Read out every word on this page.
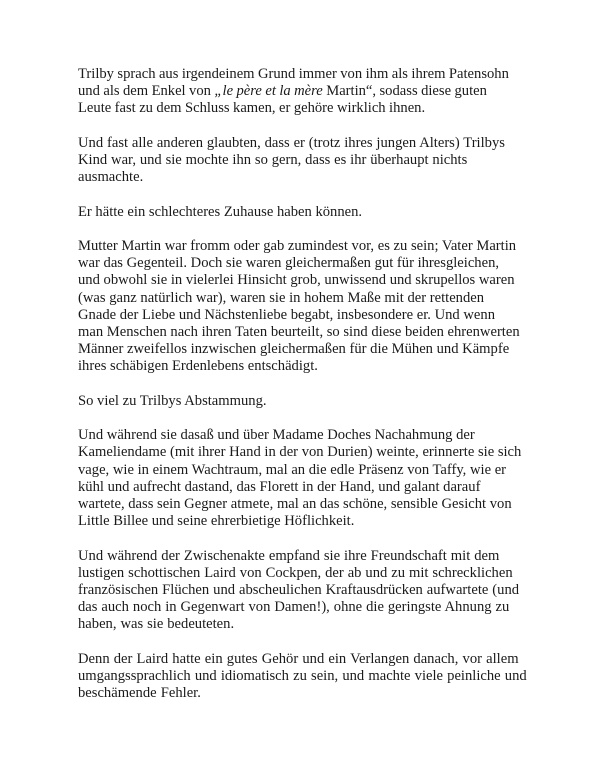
Trilby sprach aus irgendeinem Grund immer von ihm als ihrem Patensohn
und als dem Enkel von „le père et la mère Martin“, sodass diese guten
Leute fast zu dem Schluss kamen, er gehöre wirklich ihnen.

Und fast alle anderen glaubten, dass er (trotz ihres jungen Alters) Trilbys
Kind war, und sie mochte ihn so gern, dass es ihr überhaupt nichts
ausmachte.

Er hätte ein schlechteres Zuhause haben können.

Mutter Martin war fromm oder gab zumindest vor, es zu sein; Vater Martin
war das Gegenteil. Doch sie waren gleichermaßen gut für ihresgleichen,
und obwohl sie in vielerlei Hinsicht grob, unwissend und skrupellos waren
(was ganz natürlich war), waren sie in hohem Maße mit der rettenden
Gnade der Liebe und Nächstenliebe begabt, insbesondere er. Und wenn
man Menschen nach ihren Taten beurteilt, so sind diese beiden ehrenwerten
Männer zweifellos inzwischen gleichermaßen für die Mühen und Kämpfe
ihres schäbigen Erdenlebens entschädigt.

So viel zu Trilbys Abstammung.

Und während sie dasaß und über Madame Doches Nachahmung der
Kameliendame (mit ihrer Hand in der von Durien) weinte, erinnerte sie sich
vage, wie in einem Wachtraum, mal an die edle Präsenz von Taffy, wie er
kühl und aufrecht dastand, das Florett in der Hand, und galant darauf
wartete, dass sein Gegner atmete, mal an das schöne, sensible Gesicht von
Little Billee und seine ehrerbietige Höflichkeit.

Und während der Zwischenakte empfand sie ihre Freundschaft mit dem
lustigen schottischen Laird von Cockpen, der ab und zu mit schrecklichen
französischen Flüchen und abscheulichen Kraftausdrücken aufwartete (und
das auch noch in Gegenwart von Damen!), ohne die geringste Ahnung zu
haben, was sie bedeuteten.

Denn der Laird hatte ein gutes Gehör und ein Verlangen danach, vor allem
umgangssprachlich und idiomatisch zu sein, und machte viele peinliche und
beschämende Fehler.
